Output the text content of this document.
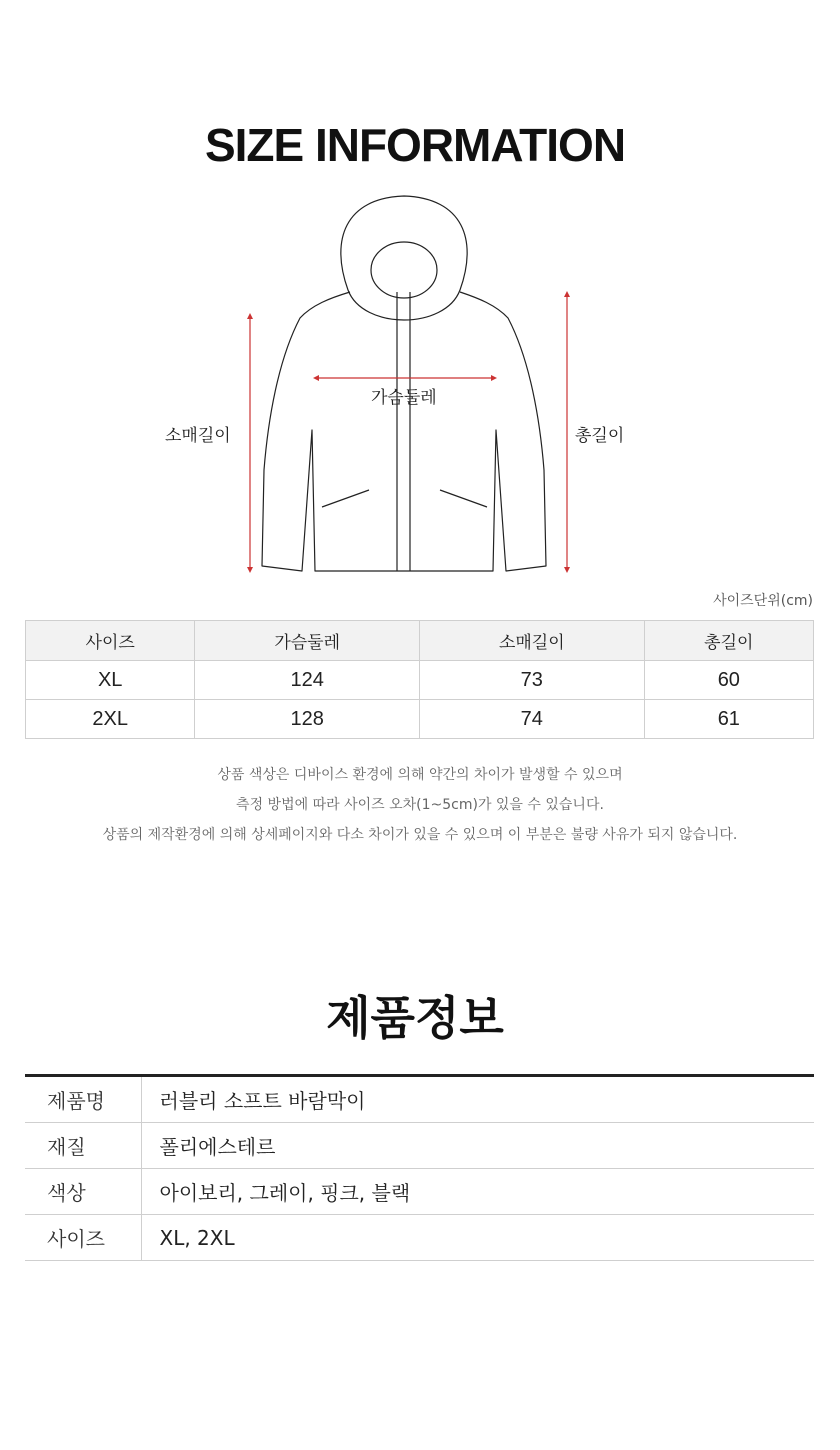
SIZE INFORMATION
가슴둘레
소매길이	총길이
사이즈단위(cm)
사이즈	가슴둘레	소매길이	총길이
XL	124	73	60
2XL	128	74	61
상품 색상은 디바이스 환경에 의해 약간의 차이가 발생할 수 있으며
측정 방법에 따라 사이즈 오차(1~5cm)가 있을 수 있습니다.
상품의 제작환경에 의해 상세페이지와 다소 차이가 있을 수 있으며 이 부분은 불량 사유가 되지 않습니다.
제품정보
제품명	러블리 소프트 바람막이
재질	폴리에스테르
색상	아이보리, 그레이, 핑크, 블랙
사이즈	XL, 2XL
